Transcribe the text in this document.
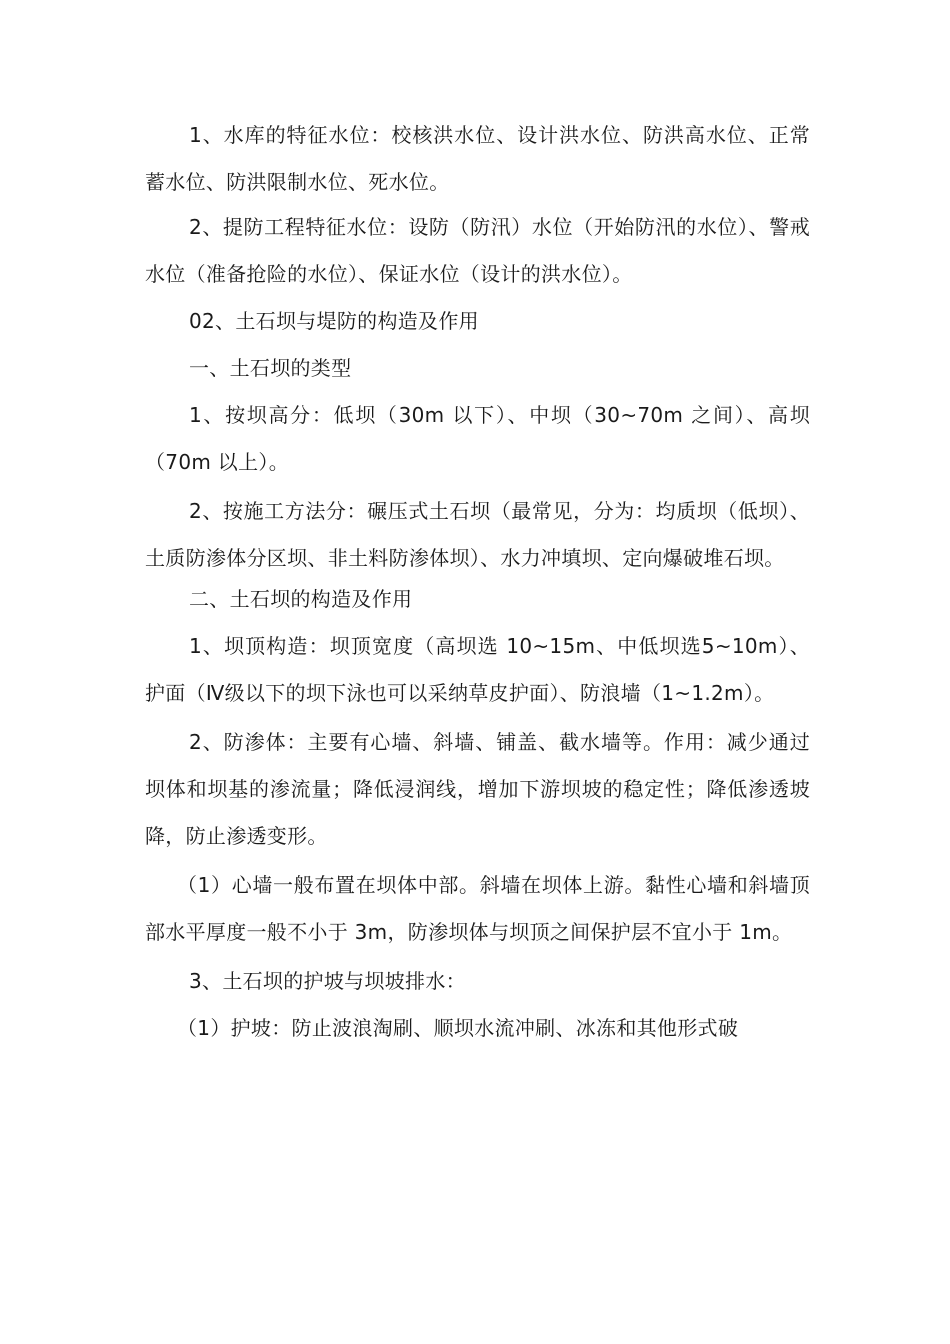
1、水库的特征水位：校核洪水位、设计洪水位、防洪高水位、正常蓄水位、防洪限制水位、死水位。

2、提防工程特征水位：设防（防汛）水位（开始防汛的水位）、警戒水位（准备抢险的水位）、保证水位（设计的洪水位）。

02、土石坝与堤防的构造及作用

一、土石坝的类型

1、按坝高分：低坝（30m 以下）、中坝（30~70m 之间）、高坝（70m 以上）。

2、按施工方法分：碾压式土石坝（最常见，分为：均质坝（低坝）、土质防渗体分区坝、非土料防渗体坝）、水力冲填坝、定向爆破堆石坝。

二、土石坝的构造及作用

1、坝顶构造：坝顶宽度（高坝选 10~15m、中低坝选5~10m）、护面（Ⅳ级以下的坝下泳也可以采纳草皮护面）、防浪墙（1~1.2m）。

2、防渗体：主要有心墙、斜墙、铺盖、截水墙等。作用：减少通过坝体和坝基的渗流量；降低浸润线，增加下游坝坡的稳定性；降低渗透坡降，防止渗透变形。

（1）心墙一般布置在坝体中部。斜墙在坝体上游。黏性心墙和斜墙顶部水平厚度一般不小于 3m，防渗坝体与坝顶之间保护层不宜小于 1m。

3、土石坝的护坡与坝坡排水：

（1）护坡：防止波浪淘刷、顺坝水流冲刷、冰冻和其他形式破
